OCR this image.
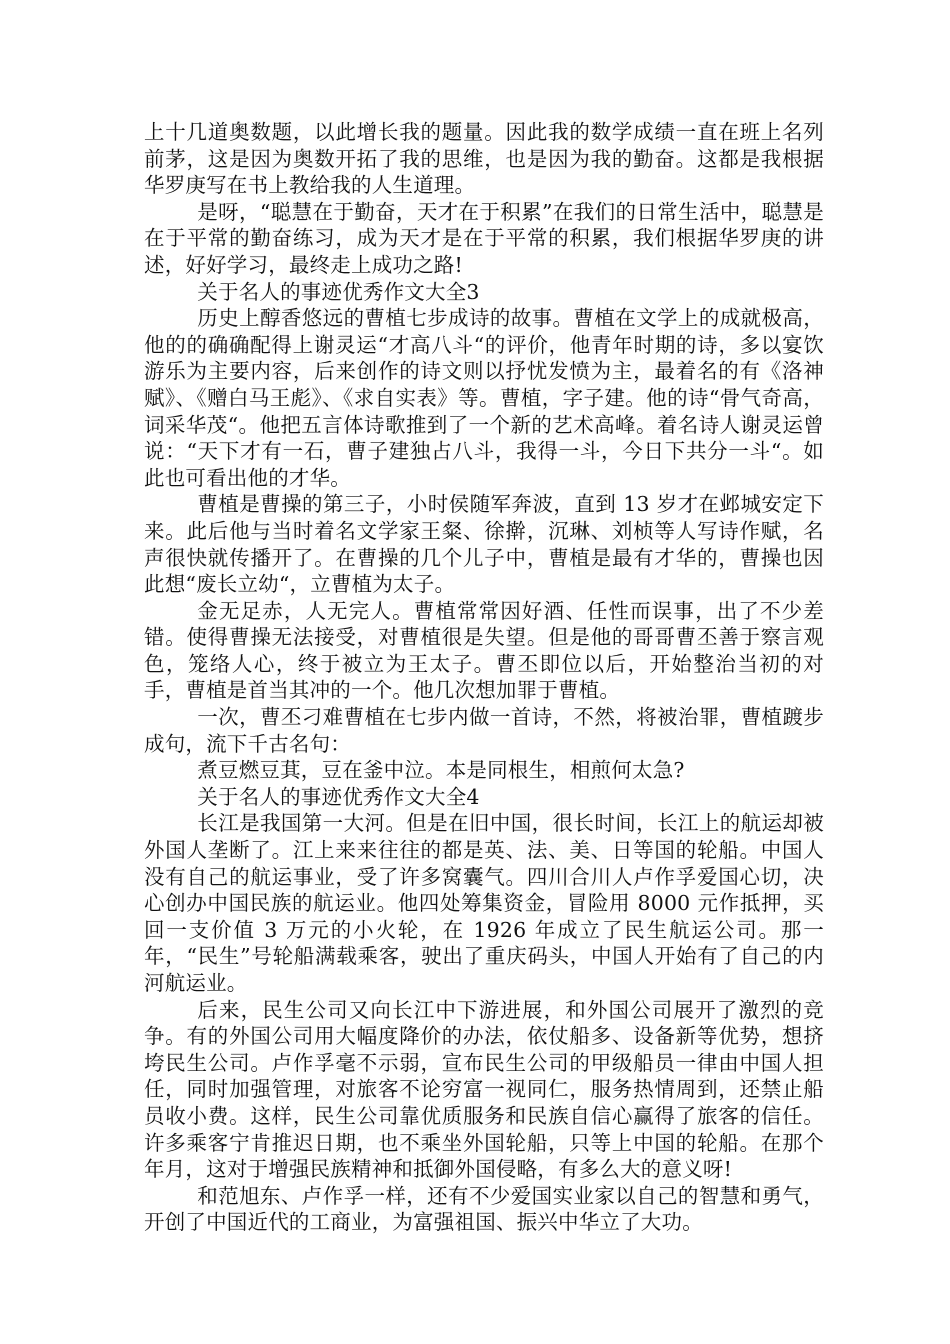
上十几道奥数题，以此增长我的题量。因此我的数学成绩一直在班上名列前茅，这是因为奥数开拓了我的思维，也是因为我的勤奋。这都是我根据华罗庚写在书上教给我的人生道理。

是呀，“聪慧在于勤奋，天才在于积累”在我们的日常生活中，聪慧是在于平常的勤奋练习，成为天才是在于平常的积累，我们根据华罗庚的讲述，好好学习，最终走上成功之路!

关于名人的事迹优秀作文大全3

历史上醇香悠远的曹植七步成诗的故事。曹植在文学上的成就极高，他的的确确配得上谢灵运“才高八斗“的评价，他青年时期的诗，多以宴饮游乐为主要内容，后来创作的诗文则以抒忧发愤为主，最着名的有《洛神赋》、《赠白马王彪》、《求自实表》等。曹植，字子建。他的诗“骨气奇高，词采华茂“。他把五言体诗歌推到了一个新的艺术高峰。着名诗人谢灵运曾说：“天下才有一石，曹子建独占八斗，我得一斗，今日下共分一斗“。如此也可看出他的才华。

曹植是曹操的第三子，小时侯随军奔波，直到 13 岁才在邺城安定下来。此后他与当时着名文学家王粲、徐擀，沉琳、刘桢等人写诗作赋，名声很快就传播开了。在曹操的几个儿子中，曹植是最有才华的，曹操也因此想“废长立幼“，立曹植为太子。

金无足赤，人无完人。曹植常常因好酒、任性而误事，出了不少差错。使得曹操无法接受，对曹植很是失望。但是他的哥哥曹丕善于察言观色，笼络人心，终于被立为王太子。曹丕即位以后，开始整治当初的对手，曹植是首当其冲的一个。他几次想加罪于曹植。

一次，曹丕刁难曹植在七步内做一首诗，不然，将被治罪，曹植踱步成句，流下千古名句：

煮豆燃豆萁，豆在釜中泣。本是同根生，相煎何太急?

关于名人的事迹优秀作文大全4

长江是我国第一大河。但是在旧中国，很长时间，长江上的航运却被外国人垄断了。江上来来往往的都是英、法、美、日等国的轮船。中国人没有自己的航运事业，受了许多窝囊气。四川合川人卢作孚爱国心切，决心创办中国民族的航运业。他四处筹集资金，冒险用 8000 元作抵押，买回一支价值 3 万元的小火轮，在 1926 年成立了民生航运公司。那一年，“民生”号轮船满载乘客，驶出了重庆码头，中国人开始有了自己的内河航运业。

后来，民生公司又向长江中下游进展，和外国公司展开了激烈的竞争。有的外国公司用大幅度降价的办法，依仗船多、设备新等优势，想挤垮民生公司。卢作孚毫不示弱，宣布民生公司的甲级船员一律由中国人担任，同时加强管理，对旅客不论穷富一视同仁，服务热情周到，还禁止船员收小费。这样，民生公司靠优质服务和民族自信心赢得了旅客的信任。许多乘客宁肯推迟日期，也不乘坐外国轮船，只等上中国的轮船。在那个年月，这对于增强民族精神和抵御外国侵略，有多么大的意义呀!

和范旭东、卢作孚一样，还有不少爱国实业家以自己的智慧和勇气，开创了中国近代的工商业，为富强祖国、振兴中华立了大功。
